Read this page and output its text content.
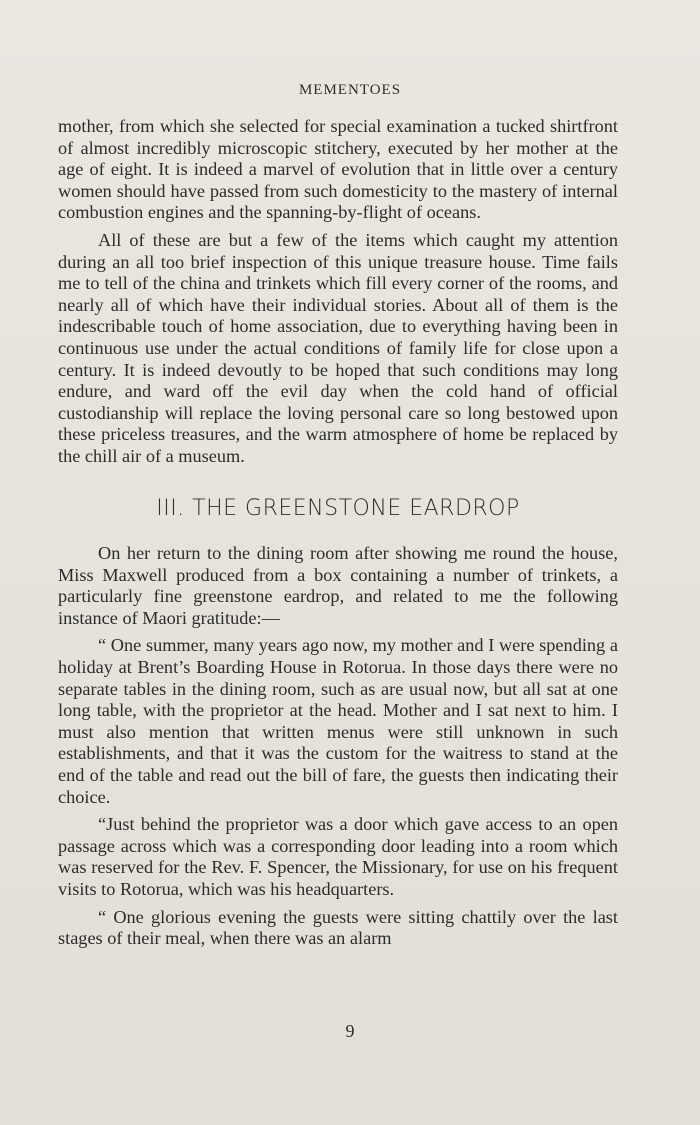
MEMENTOES

mother, from which she selected for special examination a tucked shirtfront of almost incredibly microscopic stitchery, executed by her mother at the age of eight. It is indeed a marvel of evolution that in little over a century women should have passed from such domesticity to the mastery of internal combustion engines and the spanning-by-flight of oceans.

All of these are but a few of the items which caught my attention during an all too brief inspection of this unique treasure house. Time fails me to tell of the china and trinkets which fill every corner of the rooms, and nearly all of which have their individual stories. About all of them is the indescribable touch of home association, due to everything having been in continuous use under the actual conditions of family life for close upon a century. It is indeed devoutly to be hoped that such conditions may long endure, and ward off the evil day when the cold hand of official custodianship will replace the loving personal care so long bestowed upon these priceless treasures, and the warm atmosphere of home be replaced by the chill air of a museum.

III. THE GREENSTONE EARDROP

On her return to the dining room after showing me round the house, Miss Maxwell produced from a box containing a number of trinkets, a particularly fine greenstone eardrop, and related to me the following instance of Maori gratitude:—

“ One summer, many years ago now, my mother and I were spending a holiday at Brent’s Boarding House in Rotorua. In those days there were no separate tables in the dining room, such as are usual now, but all sat at one long table, with the proprietor at the head. Mother and I sat next to him. I must also mention that written menus were still unknown in such establishments, and that it was the custom for the waitress to stand at the end of the table and read out the bill of fare, the guests then indicating their choice.

“Just behind the proprietor was a door which gave access to an open passage across which was a corresponding door leading into a room which was reserved for the Rev. F. Spencer, the Missionary, for use on his frequent visits to Rotorua, which was his headquarters.

“ One glorious evening the guests were sitting chattily over the last stages of their meal, when there was an alarm

9
